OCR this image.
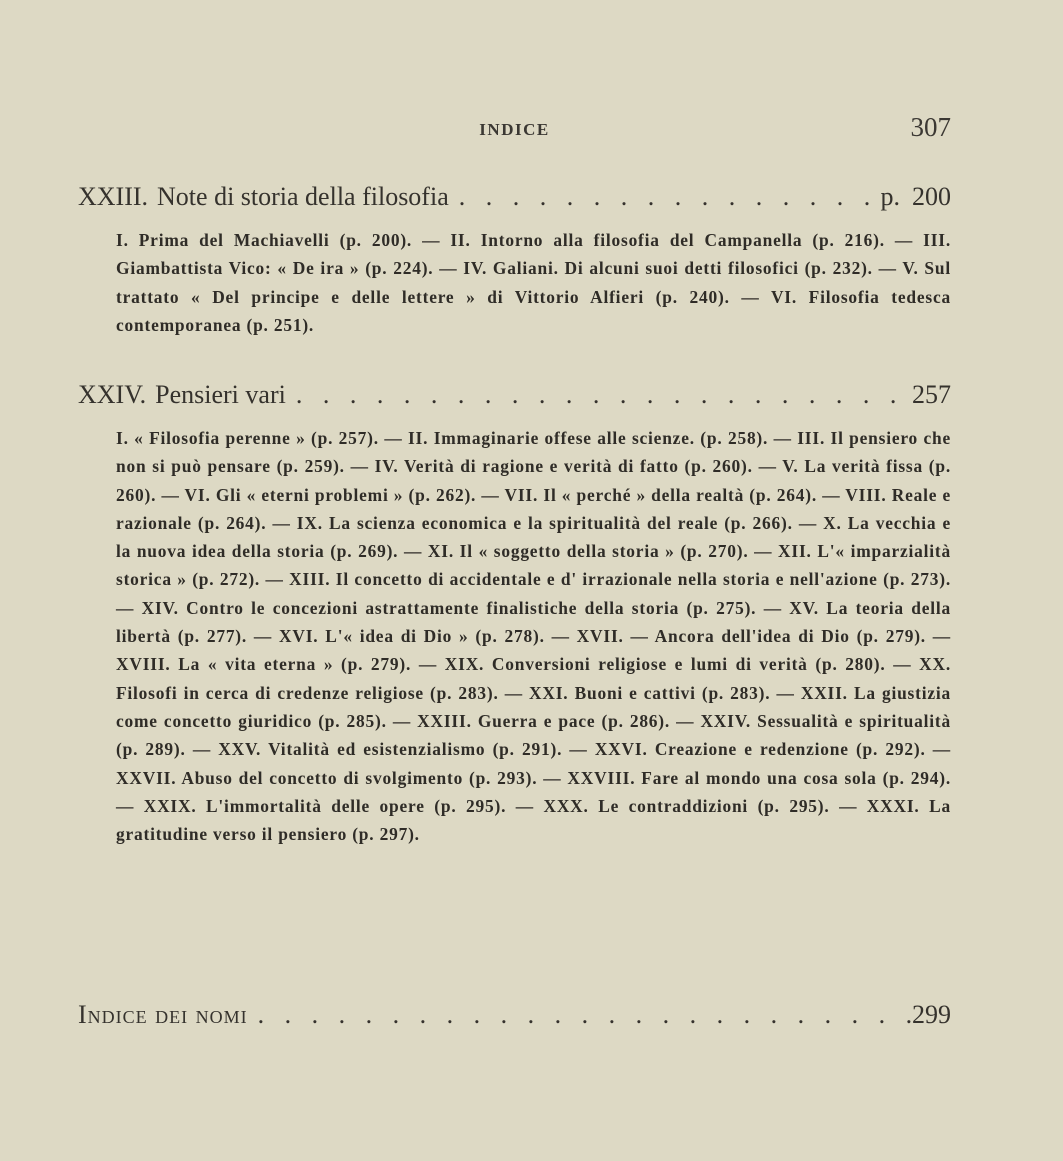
INDICE	307
XXIII. Note di storia della filosofia . . .	p. 200
I. Prima del Machiavelli (p. 200). — II. Intorno alla filosofia del Campanella (p. 216). — III. Giambattista Vico: « De ira » (p. 224). — IV. Galiani. Di alcuni suoi detti filosofici (p. 232). — V. Sul trattato « Del principe e delle lettere » di Vittorio Alfieri (p. 240). — VI. Filosofia tedesca contemporanea (p. 251).
XXIV. Pensieri vari . . .	257
I. « Filosofia perenne » (p. 257). — II. Immaginarie offese alle scienze. (p. 258). — III. Il pensiero che non si può pensare (p. 259). — IV. Verità di ragione e verità di fatto (p. 260). — V. La verità fissa (p. 260). — VI. Gli « eterni problemi » (p. 262). — VII. Il « perché » della realtà (p. 264). — VIII. Reale e razionale (p. 264). — IX. La scienza economica e la spiritualità del reale (p. 266). — X. La vecchia e la nuova idea della storia (p. 269). — XI. Il « soggetto della storia » (p. 270). — XII. L'« imparzialità storica » (p. 272). — XIII. Il concetto di accidentale e d' irrazionale nella storia e nell'azione (p. 273). — XIV. Contro le concezioni astrattamente finalistiche della storia (p. 275). — XV. La teoria della libertà (p. 277). — XVI. L'« idea di Dio » (p. 278). — XVII. — Ancora dell'idea di Dio (p. 279). — XVIII. La « vita eterna » (p. 279). — XIX. Conversioni religiose e lumi di verità (p. 280). — XX. Filosofi in cerca di credenze religiose (p. 283). — XXI. Buoni e cattivi (p. 283). — XXII. La giustizia come concetto giuridico (p. 285). — XXIII. Guerra e pace (p. 286). — XXIV. Sessualità e spiritualità (p. 289). — XXV. Vitalità ed esistenzialismo (p. 291). — XXVI. Creazione e redenzione (p. 292). — XXVII. Abuso del concetto di svolgimento (p. 293). — XXVIII. Fare al mondo una cosa sola (p. 294). — XXIX. L'immortalità delle opere (p. 295). — XXX. Le contraddizioni (p. 295). — XXXI. La gratitudine verso il pensiero (p. 297).
Indice dei nomi . . .	299
